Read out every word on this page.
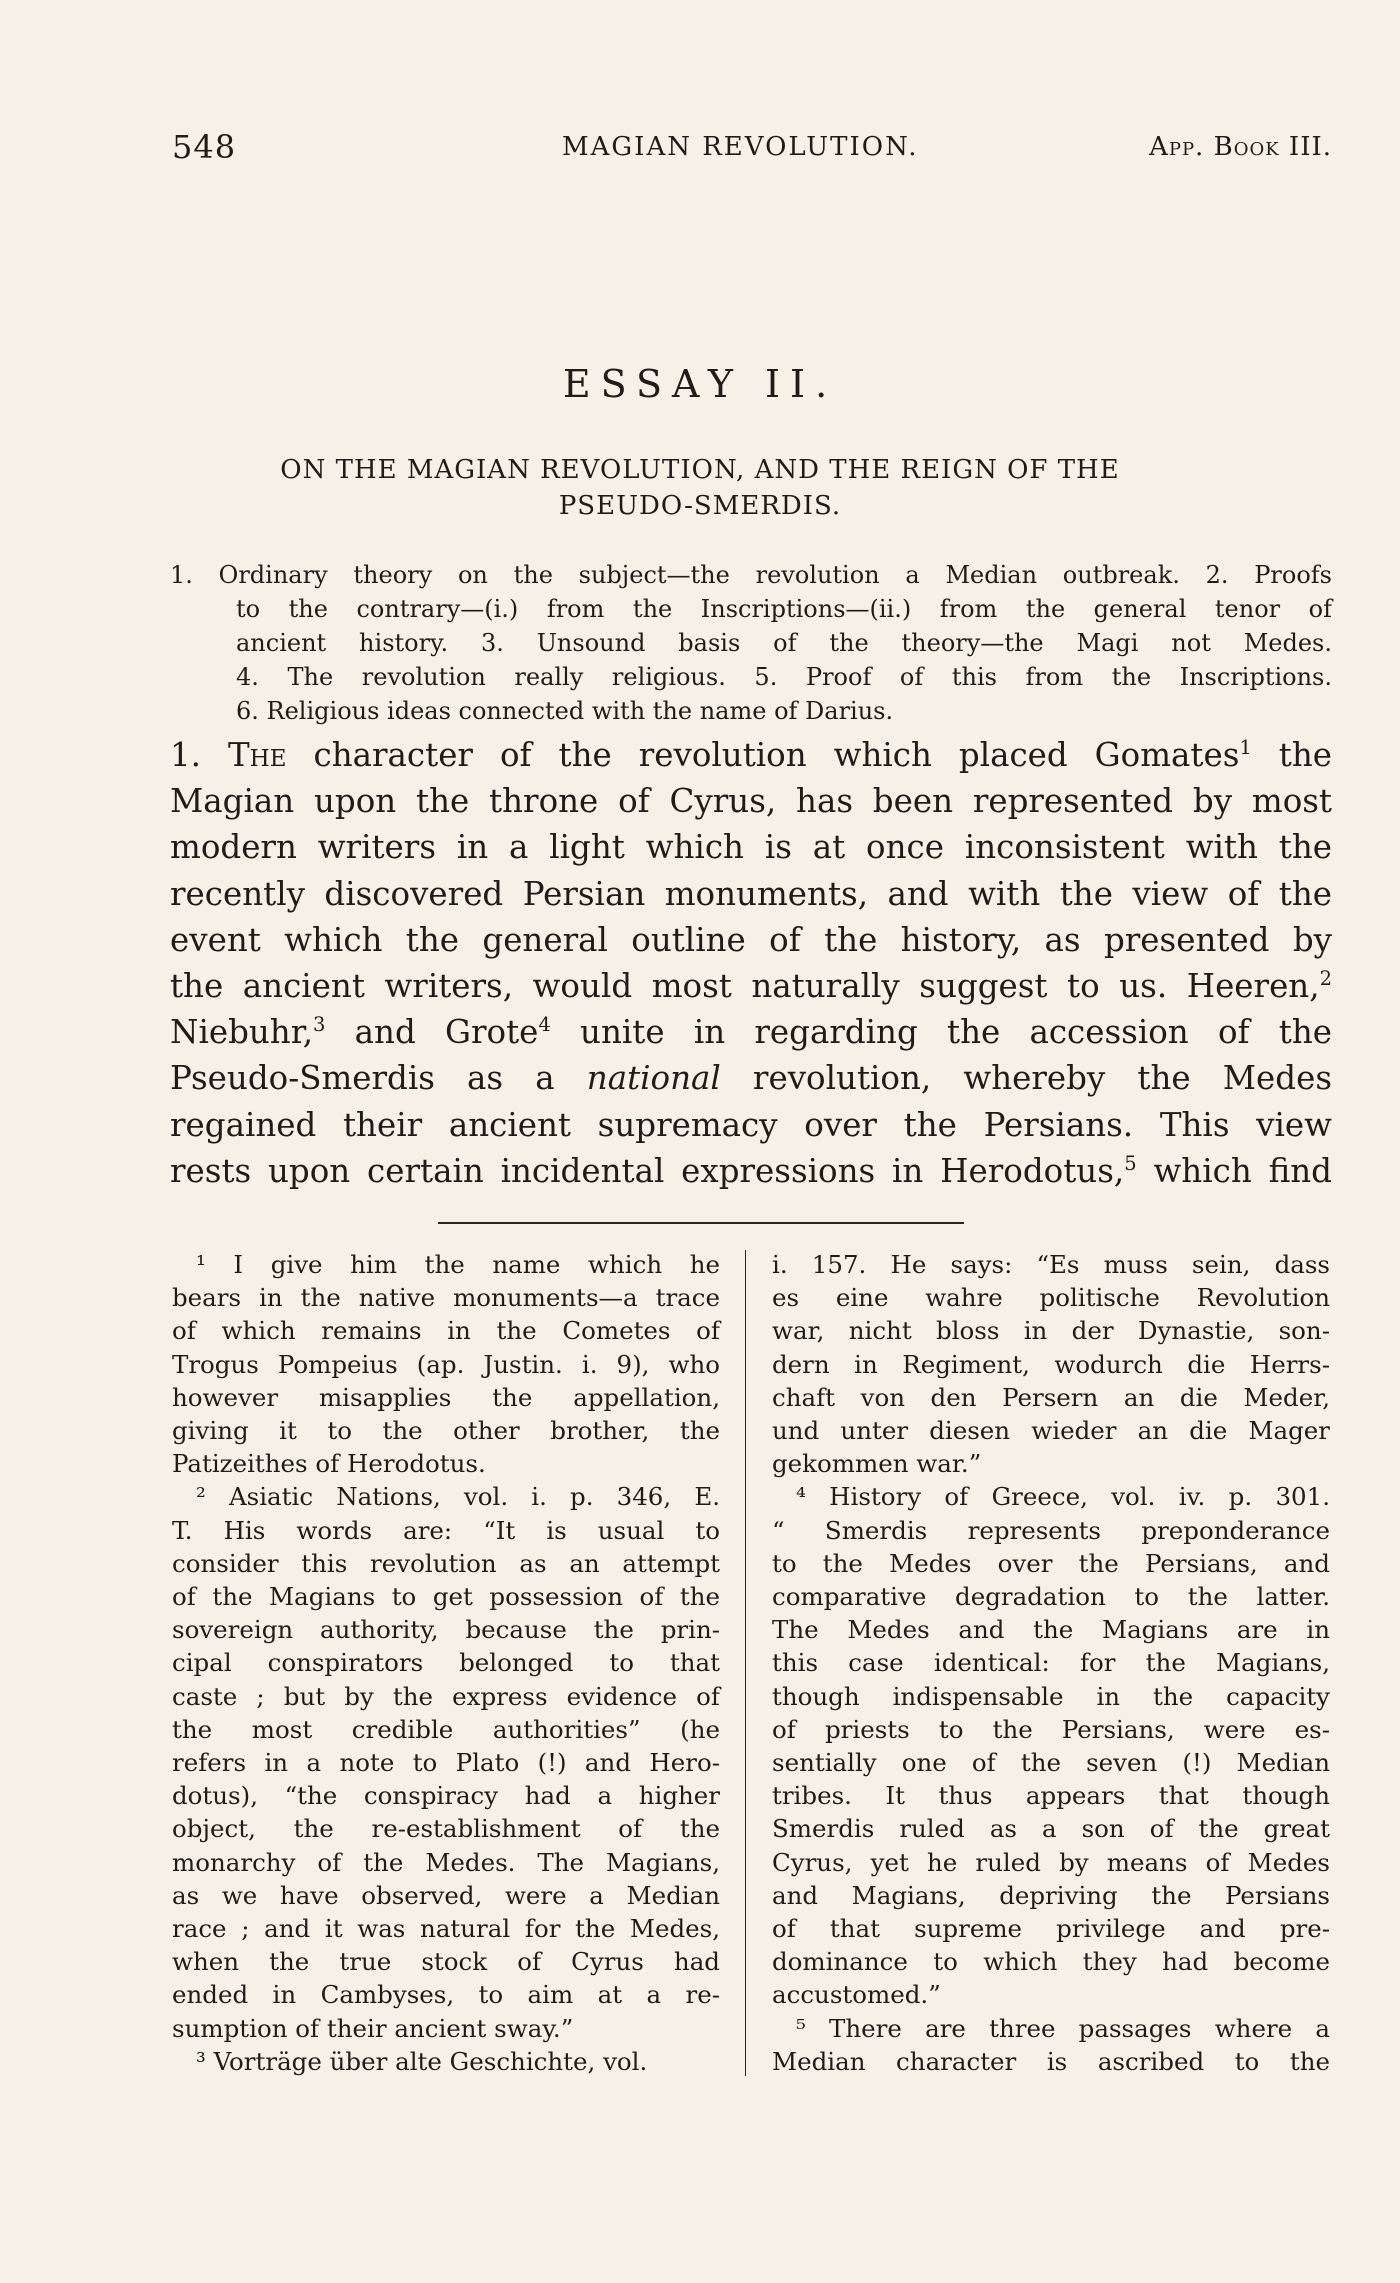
548	MAGIAN REVOLUTION.	App. Book III.
ESSAY II.
ON THE MAGIAN REVOLUTION, AND THE REIGN OF THE
PSEUDO-SMERDIS.
1. Ordinary theory on the subject—the revolution a Median outbreak. 2. Proofs
to the contrary—(i.) from the Inscriptions—(ii.) from the general tenor of
ancient history. 3. Unsound basis of the theory—the Magi not Medes.
4. The revolution really religious. 5. Proof of this from the Inscriptions.
6. Religious ideas connected with the name of Darius.
1. The character of the revolution which placed Gomates$^1$ the
Magian upon the throne of Cyrus, has been represented by most
modern writers in a light which is at once inconsistent with the
recently discovered Persian monuments, and with the view of the
event which the general outline of the history, as presented by
the ancient writers, would most naturally suggest to us. Heeren,$^2$
Niebuhr,$^3$ and Grote$^4$ unite in regarding the accession of the
Pseudo-Smerdis as a national revolution, whereby the Medes
regained their ancient supremacy over the Persians. This view
rests upon certain incidental expressions in Herodotus,$^5$ which find
¹ I give him the name which he
bears in the native monuments—a trace
of which remains in the Cometes of
Trogus Pompeius (ap. Justin. i. 9), who
however misapplies the appellation,
giving it to the other brother, the
Patizeithes of Herodotus.
² Asiatic Nations, vol. i. p. 346, E.
T. His words are: “It is usual to
consider this revolution as an attempt
of the Magians to get possession of the
sovereign authority, because the prin-
cipal conspirators belonged to that
caste ; but by the express evidence of
the most credible authorities” (he
refers in a note to Plato (!) and Hero-
dotus), “the conspiracy had a higher
object, the re-establishment of the
monarchy of the Medes. The Magians,
as we have observed, were a Median
race ; and it was natural for the Medes,
when the true stock of Cyrus had
ended in Cambyses, to aim at a re-
sumption of their ancient sway.”
³ Vorträge über alte Geschichte, vol.
i. 157. He says: “Es muss sein, dass
es eine wahre politische Revolution
war, nicht bloss in der Dynastie, son-
dern in Regiment, wodurch die Herrs-
chaft von den Persern an die Meder,
und unter diesen wieder an die Mager
gekommen war.”
⁴ History of Greece, vol. iv. p. 301.
“ Smerdis represents preponderance
to the Medes over the Persians, and
comparative degradation to the latter.
The Medes and the Magians are in
this case identical: for the Magians,
though indispensable in the capacity
of priests to the Persians, were es-
sentially one of the seven (!) Median
tribes. It thus appears that though
Smerdis ruled as a son of the great
Cyrus, yet he ruled by means of Medes
and Magians, depriving the Persians
of that supreme privilege and pre-
dominance to which they had become
accustomed.”
⁵ There are three passages where a
Median character is ascribed to the
